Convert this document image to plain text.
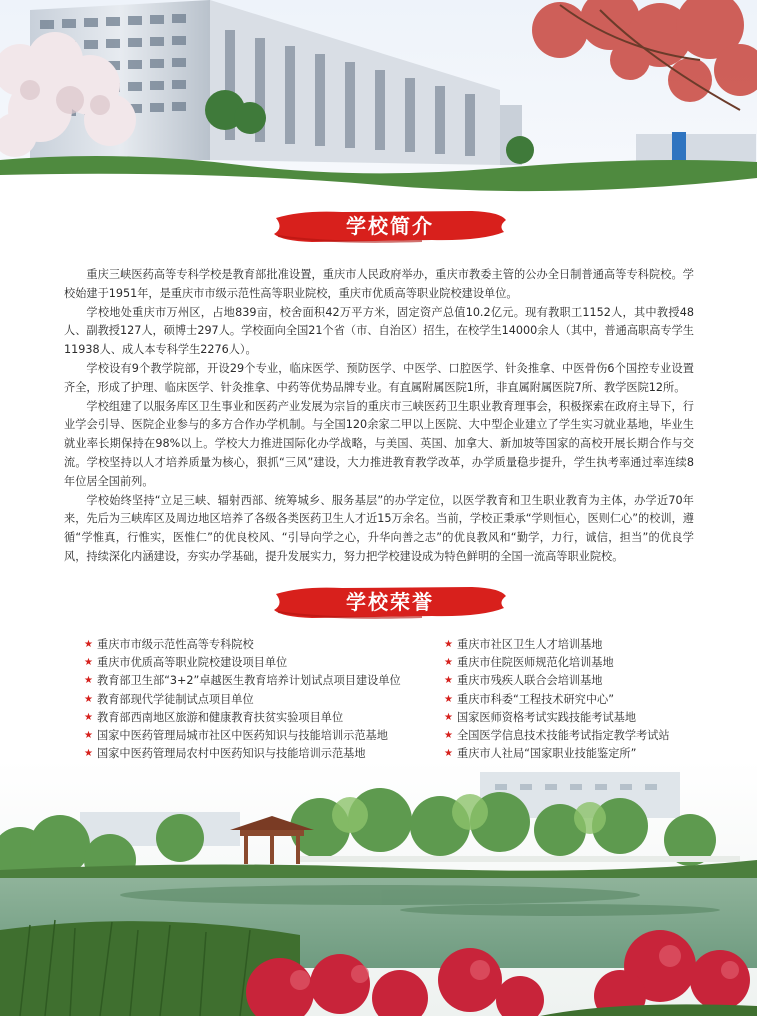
学校简介

重庆三峡医药高等专科学校是教育部批准设置，重庆市人民政府举办，重庆市教委主管的公办全日制普通高等专科院校。学校始建于1951年，是重庆市市级示范性高等职业院校，重庆市优质高等职业院校建设单位。

学校地处重庆市万州区，占地839亩，校舍面积42万平方米，固定资产总值10.2亿元。现有教职工1152人，其中教授48人、副教授127人，硕博士297人。学校面向全国21个省（市、自治区）招生，在校学生14000余人（其中，普通高职高专学生11938人、成人本专科学生2276人）。

学校设有9个教学院部，开设29个专业，临床医学、预防医学、中医学、口腔医学、针灸推拿、中医骨伤6个国控专业设置齐全，形成了护理、临床医学、针灸推拿、中药等优势品牌专业。有直属附属医院1所，非直属附属医院7所、教学医院12所。

学校组建了以服务库区卫生事业和医药产业发展为宗旨的重庆市三峡医药卫生职业教育理事会，积极探索在政府主导下，行业学会引导、医院企业参与的多方合作办学机制。与全国120余家二甲以上医院、大中型企业建立了学生实习就业基地，毕业生就业率长期保持在98%以上。学校大力推进国际化办学战略，与美国、英国、加拿大、新加坡等国家的高校开展长期合作与交流。学校坚持以人才培养质量为核心，狠抓“三风”建设，大力推进教育教学改革，办学质量稳步提升，学生执考率通过率连续8年位居全国前列。

学校始终坚持“立足三峡、辐射西部、统筹城乡、服务基层”的办学定位，以医学教育和卫生职业教育为主体，办学近70年来，先后为三峡库区及周边地区培养了各级各类医药卫生人才近15万余名。当前，学校正秉承“学则恒心，医则仁心”的校训，遵循“学惟真，行惟实，医惟仁”的优良校风、“引导向学之心，升华向善之志”的优良教风和“勤学，力行，诚信，担当”的优良学风，持续深化内涵建设，夯实办学基础，提升发展实力，努力把学校建设成为特色鲜明的全国一流高等职业院校。

学校荣誉
★ 重庆市市级示范性高等专科院校
★ 重庆市优质高等职业院校建设项目单位
★ 教育部卫生部“3+2”卓越医生教育培养计划试点项目建设单位
★ 教育部现代学徒制试点项目单位
★ 教育部西南地区旅游和健康教育扶贫实验项目单位
★ 国家中医药管理局城市社区中医药知识与技能培训示范基地
★ 国家中医药管理局农村中医药知识与技能培训示范基地
★ 重庆市社区卫生人才培训基地
★ 重庆市住院医师规范化培训基地
★ 重庆市残疾人联合会培训基地
★ 重庆市科委“工程技术研究中心”
★ 国家医师资格考试实践技能考试基地
★ 全国医学信息技术技能考试指定教学考试站
★ 重庆市人社局“国家职业技能鉴定所”
